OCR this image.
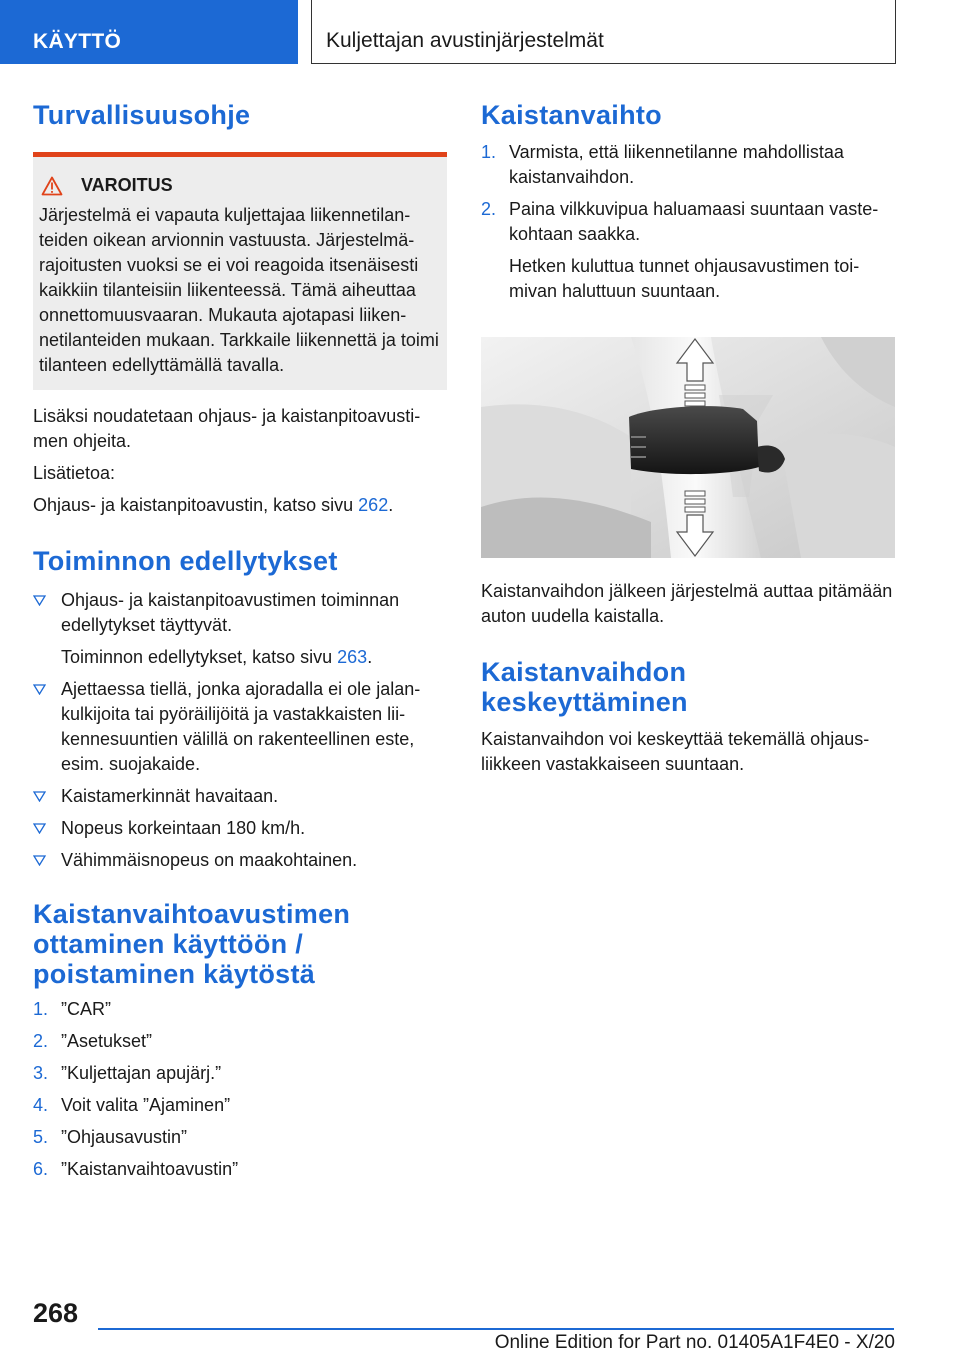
KÄYTTÖ	Kuljettajan avustinjärjestelmät
Turvallisuusohje
VAROITUS
Järjestelmä ei vapauta kuljettajaa liikennetilanteiden oikean arvionnin vastuusta. Järjestelmärajoitusten vuoksi se ei voi reagoida itsenäisesti kaikkiin tilanteisiin liikenteessä. Tämä aiheuttaa onnettomuusvaaran. Mukauta ajotapasi liikennetilanteiden mukaan. Tarkkaile liikennettä ja toimi tilanteen edellyttämällä tavalla.

Lisäksi noudatetaan ohjaus- ja kaistanpitoavustimen ohjeita.

Lisätietoa:

Ohjaus- ja kaistanpitoavustin, katso sivu 262.

Toiminnon edellytykset
Ohjaus- ja kaistanpitoavustimen toiminnan edellytykset täyttyvät.
Toiminnon edellytykset, katso sivu 263.
Ajettaessa tiellä, jonka ajoradalla ei ole jalankulkijoita tai pyöräilijöitä ja vastakkaisten liikennesuuntien välillä on rakenteellinen este, esim. suojakaide.
Kaistamerkinnät havaitaan.
Nopeus korkeintaan 180 km/h.
Vähimmäisnopeus on maakohtainen.
Kaistanvaihtoavustimen ottaminen käyttöön / poistaminen käytöstä
1. ”CAR”
2. ”Asetukset”
3. ”Kuljettajan apujärj.”
4. Voit valita ”Ajaminen”
5. ”Ohjausavustin”
6. ”Kaistanvaihtoavustin”
Kaistanvaihto
1. Varmista, että liikennetilanne mahdollistaa kaistanvaihdon.
2. Paina vilkkuvipua haluamaasi suuntaan vastekohtaan saakka.
Hetken kuluttua tunnet ohjausavustimen toimivan haluttuun suuntaan.

Kaistanvaihdon jälkeen järjestelmä auttaa pitämään auton uudella kaistalla.

Kaistanvaihdon keskeyttäminen

Kaistanvaihdon voi keskeyttää tekemällä ohjausliikkeen vastakkaiseen suuntaan.

268
Online Edition for Part no. 01405A1F4E0 - X/20
